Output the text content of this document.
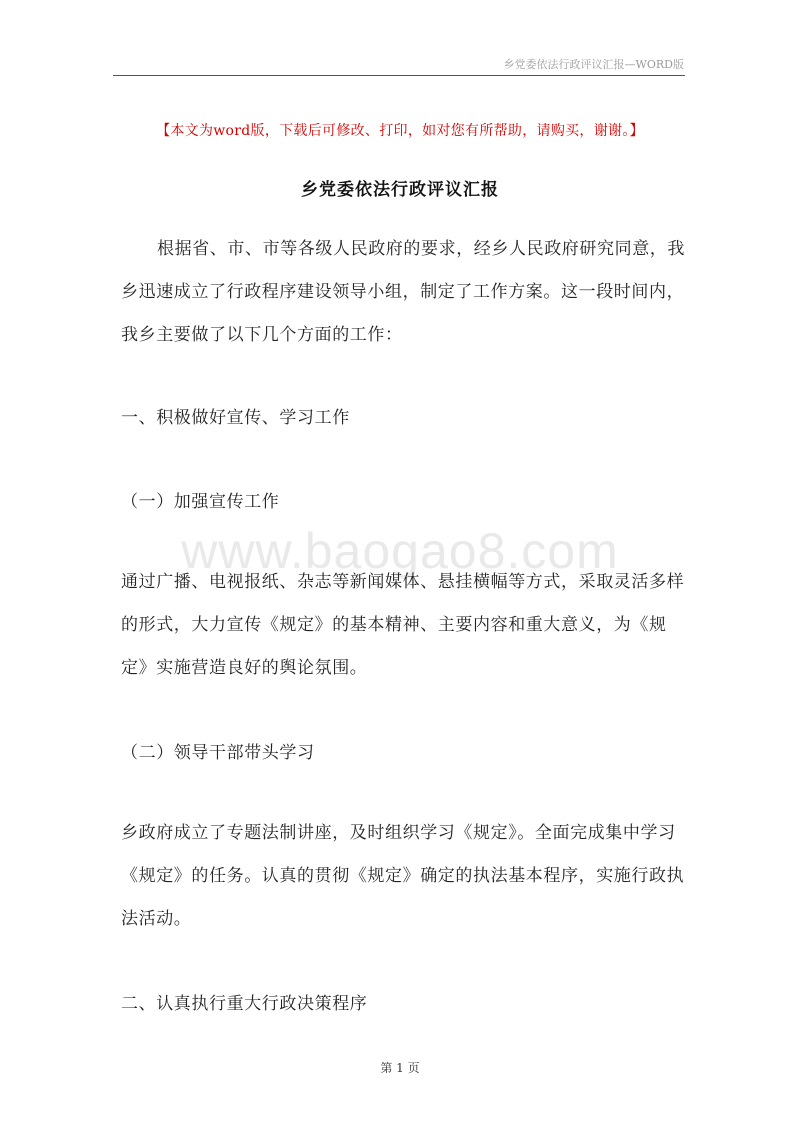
乡党委依法行政评议汇报—WORD版
【本文为word版，下载后可修改、打印，如对您有所帮助，请购买，谢谢。】
乡党委依法行政评议汇报

根据省、市、市等各级人民政府的要求，经乡人民政府研究同意，我乡迅速成立了行政程序建设领导小组，制定了工作方案。这一段时间内，我乡主要做了以下几个方面的工作：

一、积极做好宣传、学习工作

（一）加强宣传工作

www.baogao8.com

通过广播、电视报纸、杂志等新闻媒体、悬挂横幅等方式，采取灵活多样的形式，大力宣传《规定》的基本精神、主要内容和重大意义，为《规定》实施营造良好的舆论氛围。

（二）领导干部带头学习

乡政府成立了专题法制讲座，及时组织学习《规定》。全面完成集中学习《规定》的任务。认真的贯彻《规定》确定的执法基本程序，实施行政执法活动。

二、认真执行重大行政决策程序

第 1 页
